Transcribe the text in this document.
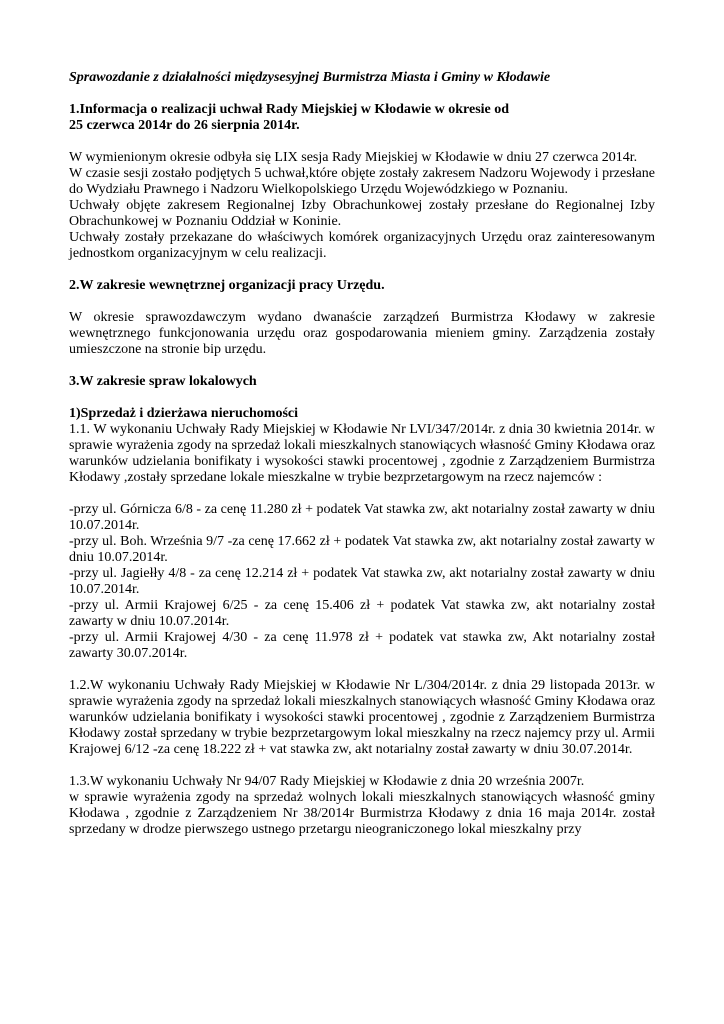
Sprawozdanie z działalności międzysesyjnej Burmistrza Miasta i Gminy w Kłodawie

1.Informacja o realizacji uchwał Rady Miejskiej w Kłodawie w okresie od

25 czerwca 2014r do 26 sierpnia 2014r.

W wymienionym okresie odbyła się LIX sesja Rady Miejskiej w Kłodawie w dniu 27 czerwca 2014r.

W czasie sesji zostało podjętych 5 uchwał,które objęte zostały zakresem Nadzoru Wojewody i przesłane do Wydziału Prawnego i Nadzoru Wielkopolskiego Urzędu Wojewódzkiego w Poznaniu.

Uchwały objęte zakresem Regionalnej Izby Obrachunkowej zostały przesłane do Regionalnej Izby Obrachunkowej w Poznaniu Oddział w Koninie.

Uchwały zostały przekazane do właściwych komórek organizacyjnych Urzędu oraz zainteresowanym jednostkom organizacyjnym w celu realizacji.

2.W zakresie wewnętrznej organizacji pracy Urzędu.

W okresie sprawozdawczym wydano dwanaście zarządzeń Burmistrza Kłodawy w zakresie wewnętrznego funkcjonowania urzędu oraz gospodarowania mieniem gminy. Zarządzenia zostały umieszczone na stronie bip urzędu.

3.W zakresie spraw lokalowych

1)Sprzedaż i dzierżawa nieruchomości

1.1. W wykonaniu Uchwały Rady Miejskiej w Kłodawie Nr LVI/347/2014r. z dnia 30 kwietnia 2014r. w sprawie wyrażenia zgody na sprzedaż lokali mieszkalnych stanowiących własność Gminy Kłodawa oraz warunków udzielania bonifikaty i wysokości stawki procentowej , zgodnie z Zarządzeniem Burmistrza Kłodawy ,zostały sprzedane lokale mieszkalne w trybie bezprzetargowym na rzecz najemców :

-przy ul. Górnicza 6/8 - za cenę 11.280 zł + podatek Vat stawka zw, akt notarialny został zawarty w dniu 10.07.2014r.

-przy ul. Boh. Września 9/7 -za cenę 17.662 zł + podatek Vat stawka zw, akt notarialny został zawarty w dniu 10.07.2014r.

-przy ul. Jagiełły 4/8 - za cenę 12.214 zł + podatek Vat stawka zw, akt notarialny został zawarty w dniu 10.07.2014r.

-przy ul. Armii Krajowej 6/25 - za cenę 15.406 zł + podatek Vat stawka zw, akt notarialny został zawarty w dniu 10.07.2014r.

-przy ul. Armii Krajowej 4/30 - za cenę 11.978 zł + podatek vat stawka zw, Akt notarialny został zawarty 30.07.2014r.

1.2.W wykonaniu Uchwały Rady Miejskiej w Kłodawie Nr L/304/2014r. z dnia 29 listopada 2013r. w sprawie wyrażenia zgody na sprzedaż lokali mieszkalnych stanowiących własność Gminy Kłodawa oraz warunków udzielania bonifikaty i wysokości stawki procentowej , zgodnie z Zarządzeniem Burmistrza Kłodawy został sprzedany w trybie bezprzetargowym lokal mieszkalny na rzecz najemcy przy ul. Armii Krajowej 6/12 -za cenę 18.222 zł + vat stawka zw, akt notarialny został zawarty w dniu 30.07.2014r.

1.3.W wykonaniu Uchwały Nr 94/07 Rady Miejskiej w Kłodawie z dnia 20 września 2007r.

w sprawie wyrażenia zgody na sprzedaż wolnych lokali mieszkalnych stanowiących własność gminy Kłodawa , zgodnie z Zarządzeniem Nr 38/2014r Burmistrza Kłodawy z dnia 16 maja 2014r. został sprzedany w drodze pierwszego ustnego przetargu nieograniczonego lokal mieszkalny przy
